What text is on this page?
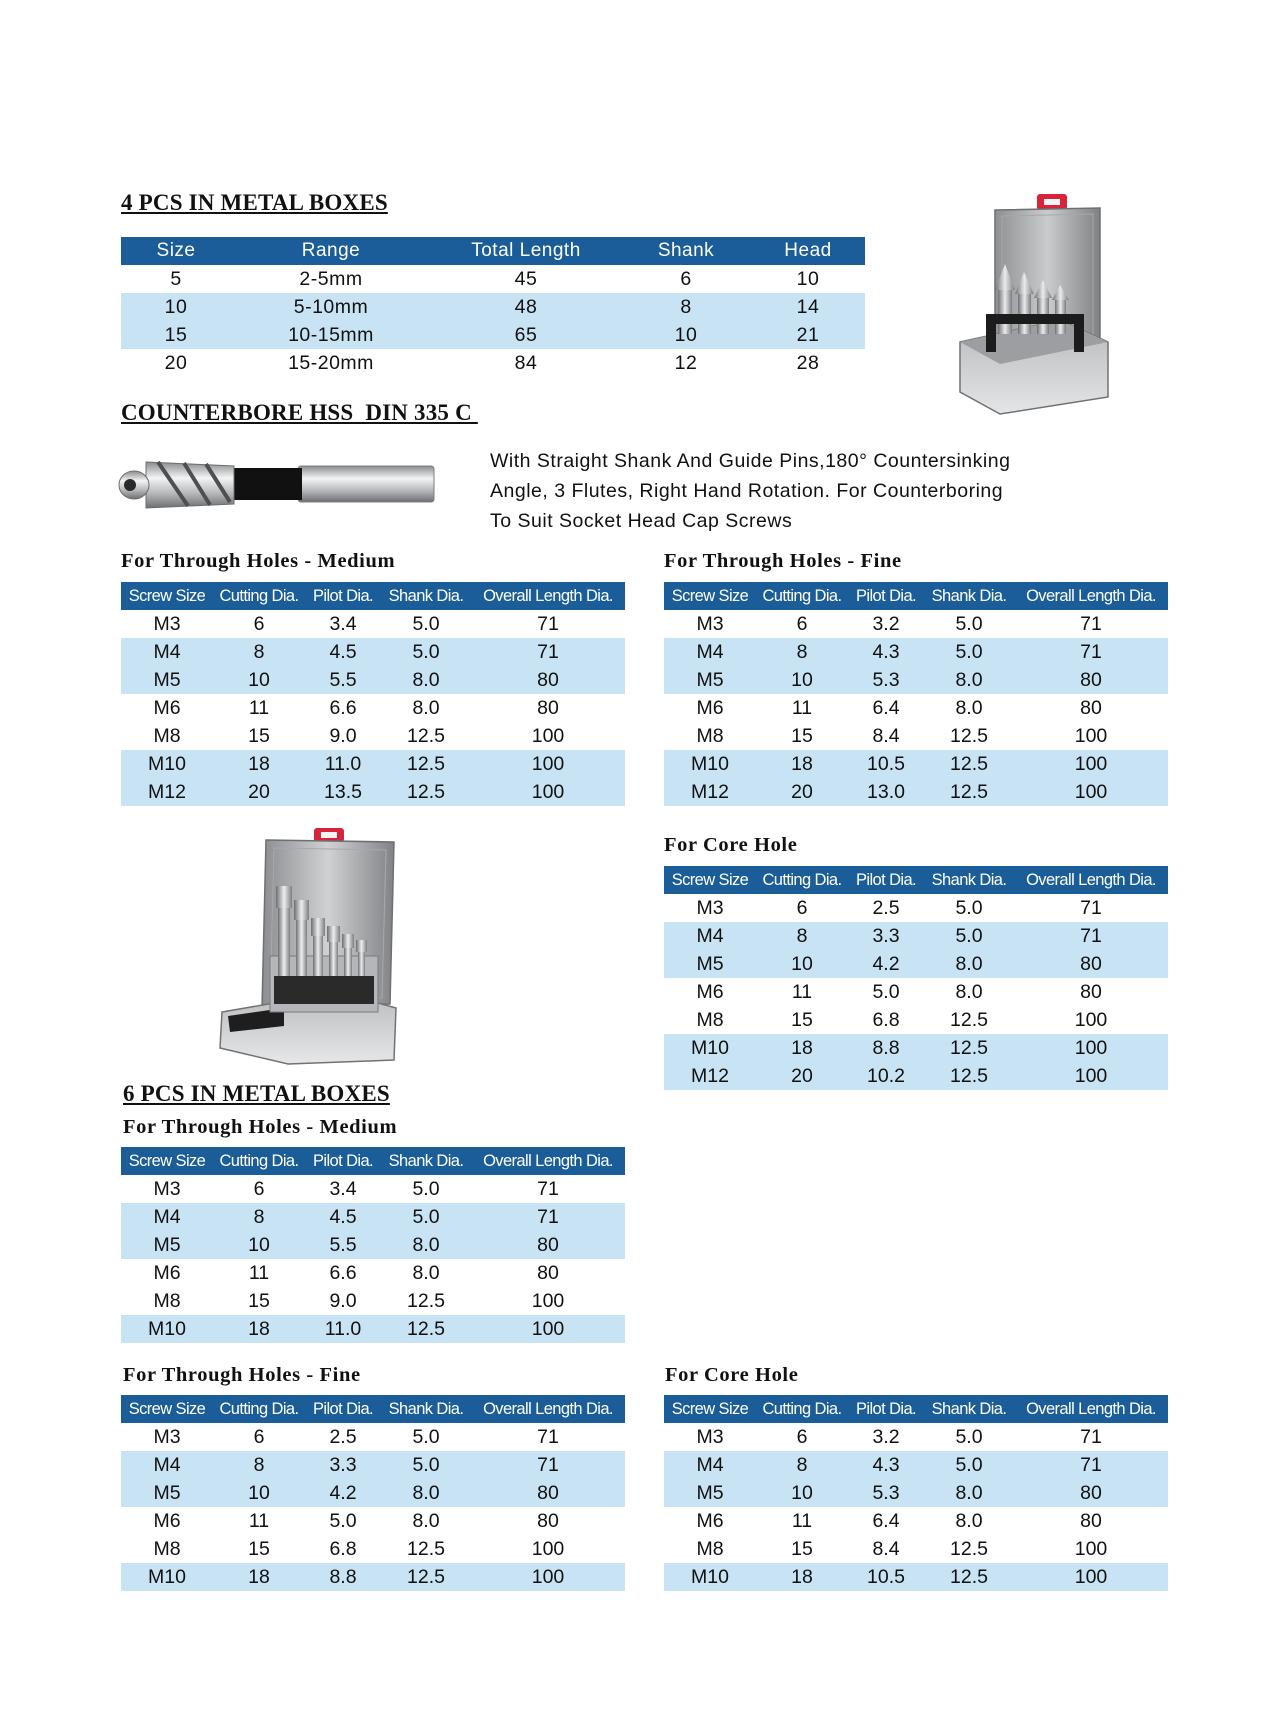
4 PCS IN METAL BOXES
Size	Range	Total Length	Shank	Head
5	2-5mm	45	6	10
10	5-10mm	48	8	14
15	10-15mm	65	10	21
20	15-20mm	84	12	28
COUNTERBORE HSS  DIN 335 C
With Straight Shank And Guide Pins,180° Countersinking
Angle, 3 Flutes, Right Hand Rotation. For Counterboring
To Suit Socket Head Cap Screws
For Through Holes - Medium
Screw Size	Cutting Dia.	Pilot Dia.	Shank Dia.	Overall Length Dia.
M3	6	3.4	5.0	71
M4	8	4.5	5.0	71
M5	10	5.5	8.0	80
M6	11	6.6	8.0	80
M8	15	9.0	12.5	100
M10	18	11.0	12.5	100
M12	20	13.5	12.5	100
For Through Holes - Fine
Screw Size	Cutting Dia.	Pilot Dia.	Shank Dia.	Overall Length Dia.
M3	6	3.2	5.0	71
M4	8	4.3	5.0	71
M5	10	5.3	8.0	80
M6	11	6.4	8.0	80
M8	15	8.4	12.5	100
M10	18	10.5	12.5	100
M12	20	13.0	12.5	100
For Core Hole
Screw Size	Cutting Dia.	Pilot Dia.	Shank Dia.	Overall Length Dia.
M3	6	2.5	5.0	71
M4	8	3.3	5.0	71
M5	10	4.2	8.0	80
M6	11	5.0	8.0	80
M8	15	6.8	12.5	100
M10	18	8.8	12.5	100
M12	20	10.2	12.5	100
6 PCS IN METAL BOXES
For Through Holes - Medium
Screw Size	Cutting Dia.	Pilot Dia.	Shank Dia.	Overall Length Dia.
M3	6	3.4	5.0	71
M4	8	4.5	5.0	71
M5	10	5.5	8.0	80
M6	11	6.6	8.0	80
M8	15	9.0	12.5	100
M10	18	11.0	12.5	100
For Through Holes - Fine
Screw Size	Cutting Dia.	Pilot Dia.	Shank Dia.	Overall Length Dia.
M3	6	2.5	5.0	71
M4	8	3.3	5.0	71
M5	10	4.2	8.0	80
M6	11	5.0	8.0	80
M8	15	6.8	12.5	100
M10	18	8.8	12.5	100
For Core Hole
Screw Size	Cutting Dia.	Pilot Dia.	Shank Dia.	Overall Length Dia.
M3	6	3.2	5.0	71
M4	8	4.3	5.0	71
M5	10	5.3	8.0	80
M6	11	6.4	8.0	80
M8	15	8.4	12.5	100
M10	18	10.5	12.5	100
